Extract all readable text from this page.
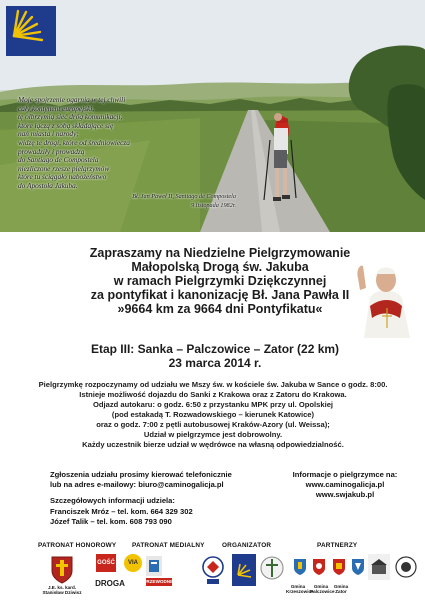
Moje spojrzenie ogarnia w tej chwili
cały kontynent europejski,
tę olbrzymią sieć dróg komunikacji,
które łączą z sobą składające się
nań miasta i narody;
widzę te drogi, które od średniowiecza
prowadziły i prowadzą
do Santiago de Compostela
niezliczone rzesze pielgrzymów
które tu ściągało nabożeństwo
do Apostoła Jakuba.
Bł. Jan Paweł II, Santiago de Compostela
9 listopada 1982r.
Zapraszamy na Niedzielne Pielgrzymowanie
Małopolską Drogą św. Jakuba
w ramach Pielgrzymki Dziękczynnej
za pontyfikat i kanonizację Bł. Jana Pawła II
»9664 km za 9664 dni Pontyfikatu«
Etap III: Sanka – Palczowice – Zator (22 km)
23 marca 2014 r.
Pielgrzymkę rozpoczynamy od udziału we Mszy św. w kościele św. Jakuba w Sance o godz. 8:00.
Istnieje możliwość dojazdu do Sanki z Krakowa oraz z Zatoru do Krakowa.
Odjazd autokaru: o godz. 6:50 z przystanku MPK przy ul. Opolskiej
(pod estakadą T. Rozwadowskiego – kierunek Katowice)
oraz o godz. 7:00 z pętli autobusowej Kraków-Azory (ul. Weissa);
Udział w pielgrzymce jest dobrowolny.
Każdy uczestnik bierze udział w wędrówce na własną odpowiedzialność.
Zgłoszenia udziału prosimy kierować telefonicznie
lub na adres e-mailowy: biuro@caminogalicja.pl
Szczegółowych informacji udziela:
Franciszek Mróz – tel. kom. 664 329 302
Józef Talik – tel. kom. 608 793 090
Informacje o pielgrzymce na:
www.caminogalicja.pl
www.swjakub.pl
PATRONAT HONOROWY PATRONAT MEDIALNY	ORGANIZATOR	PARTNERZY
J.E. ks. kard.
Stanisław Dziwisz
GOŚĆ
DROGA
VIA
PRZEWODNIK
Gmina Krzeszowice
Gmina Palczowice
Gmina Zator
